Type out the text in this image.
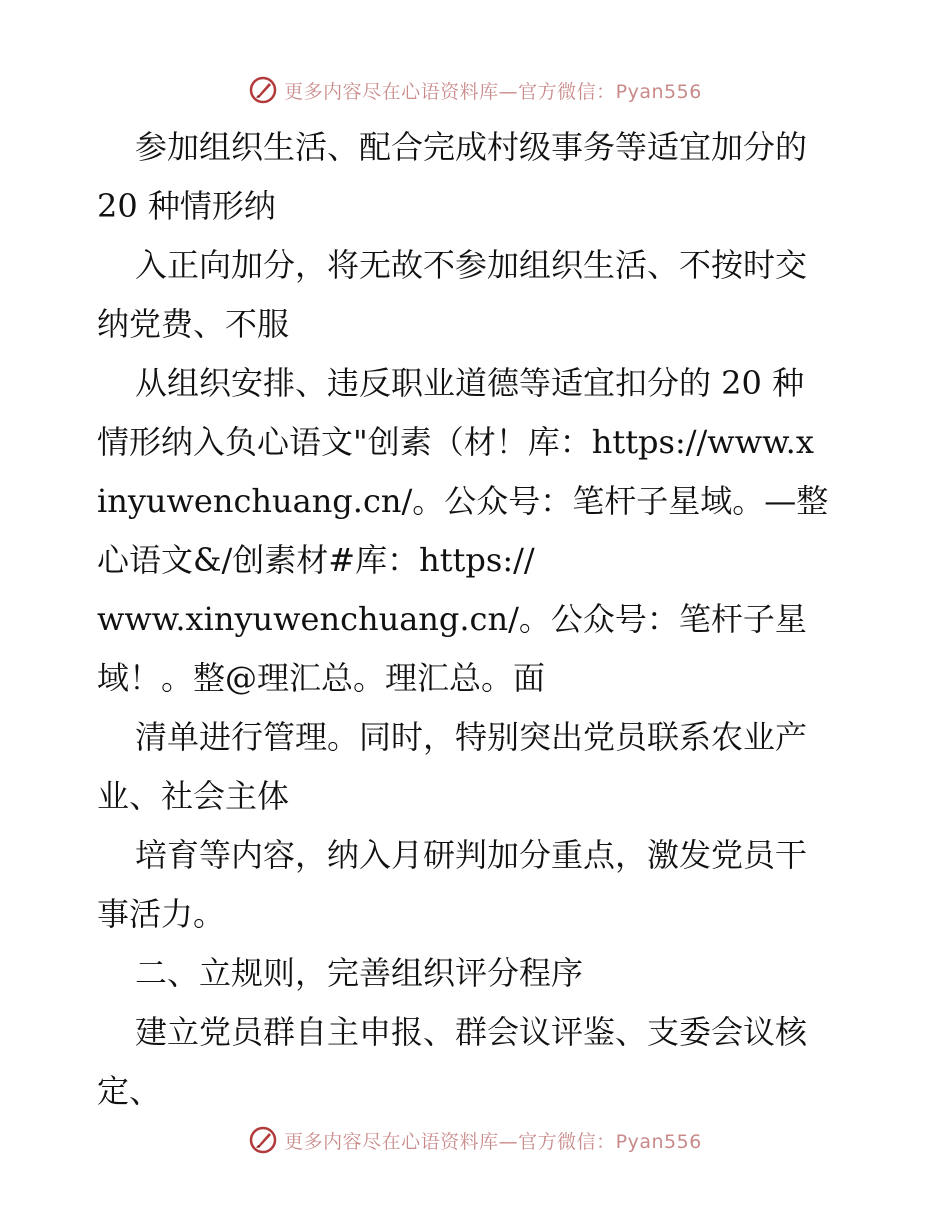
更多内容尽在心语资料库—官方微信：Pyan556
参加组织生活、配合完成村级事务等适宜加分的
20 种情形纳
入正向加分，将无故不参加组织生活、不按时交
纳党费、不服
从组织安排、违反职业道德等适宜扣分的 20 种
情形纳入负心语文"创素（材！库：https://www.x
inyuwenchuang.cn/。公众号：笔杆子星域。—整
心语文&/创素材#库：https://
www.xinyuwenchuang.cn/。公众号：笔杆子星
域！。整@理汇总。理汇总。面
清单进行管理。同时，特别突出党员联系农业产
业、社会主体
培育等内容，纳入月研判加分重点，激发党员干
事活力。
二、立规则，完善组织评分程序
建立党员群自主申报、群会议评鉴、支委会议核
定、
更多内容尽在心语资料库—官方微信：Pyan556
